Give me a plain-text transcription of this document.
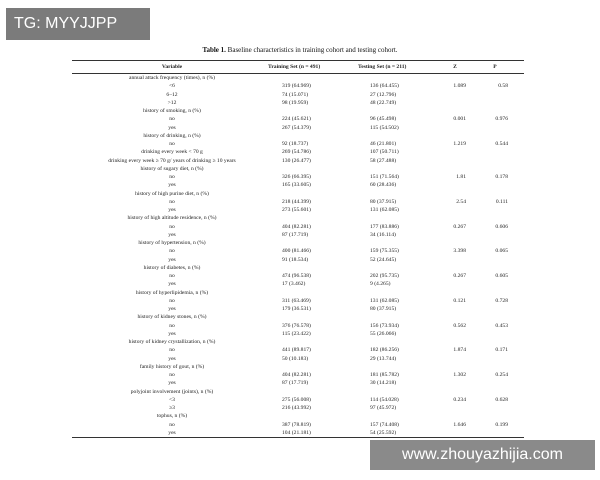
TG: MYYJJPP
Table 1. Baseline characteristics in training cohort and testing cohort.
Variable	Training Set (n = 491)	Testing Set (n = 211)	Z	P
annual attack frequency (times), n (%)
<6	319 (64.969)	136 (64.455)	1.089	0.58
6–12	74 (15.071)	27 (12.796)
>12	98 (19.959)	48 (22.749)
history of smoking, n (%)
no	224 (45.621)	96 (45.498)	0.001	0.976
yes	267 (54.379)	115 (54.502)
history of drinking, n (%)
no	92 (18.737)	46 (21.801)	1.219	0.544
drinking every week < 70 g	269 (54.786)	107 (50.711)
drinking every week ≥ 70 g/ years of drinking ≥ 10 years	130 (26.477)	58 (27.488)
history of sugary diet, n (%)
no	326 (66.395)	151 (71.564)	1.81	0.178
yes	165 (33.605)	60 (28.436)
history of high purine diet, n (%)
no	218 (44.399)	80 (37.915)	2.54	0.111
yes	273 (55.601)	131 (62.085)
history of high altitude residence, n (%)
no	404 (82.281)	177 (83.886)	0.267	0.606
yes	87 (17.719)	34 (16.114)
history of hypertension, n (%)
no	400 (81.466)	159 (75.355)	3.398	0.065
yes	91 (18.534)	52 (24.645)
history of diabetes, n (%)
no	474 (96.538)	202 (95.735)	0.267	0.605
yes	17 (3.462)	9 (4.265)
history of hyperlipidemia, n (%)
no	311 (63.469)	131 (62.085)	0.121	0.728
yes	179 (36.531)	80 (37.915)
history of kidney stones, n (%)
no	376 (76.578)	156 (73.934)	0.562	0.453
yes	115 (23.422)	55 (26.066)
history of kidney crystallization, n (%)
no	441 (89.817)	182 (86.256)	1.874	0.171
yes	50 (10.183)	29 (13.744)
family history of gout, n (%)
no	404 (82.281)	181 (85.782)	1.302	0.254
yes	87 (17.719)	30 (14.218)
polyjoint involvement (joints), n (%)
<3	275 (56.008)	114 (54.028)	0.234	0.628
≥3	216 (43.992)	97 (45.972)
tophus, n (%)
no	387 (78.819)	157 (74.408)	1.646	0.199
yes	104 (21.181)	54 (25.592)
www.zhouyazhijia.com
